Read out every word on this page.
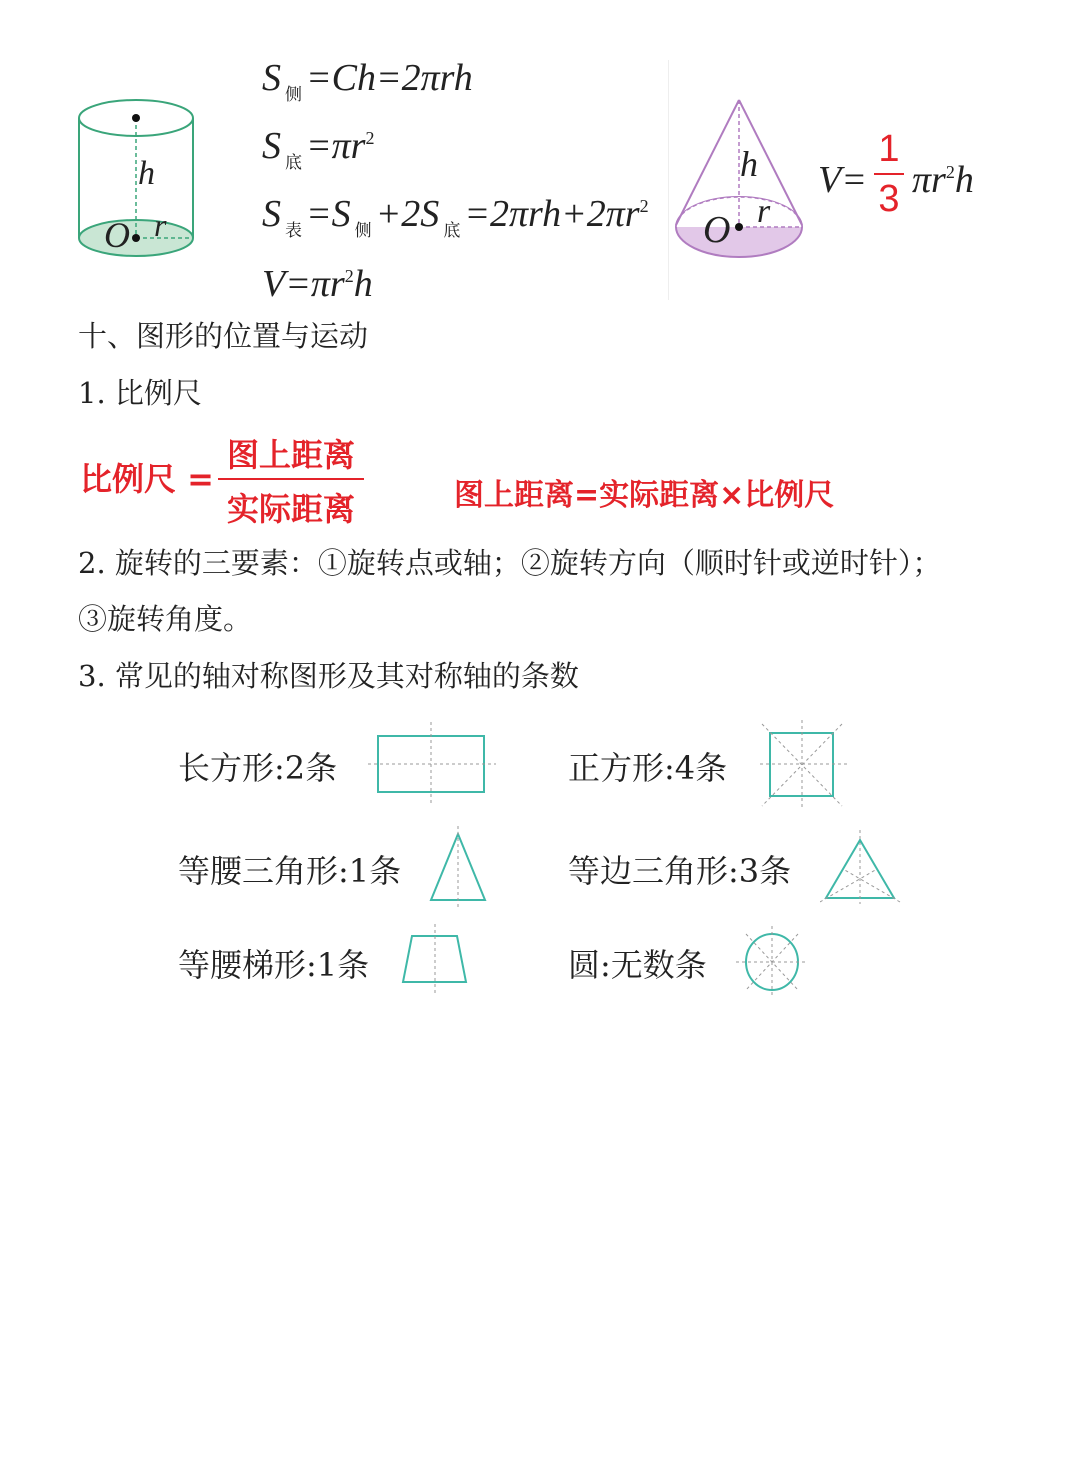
h
O r
S $_侧$ =Ch=2πrh
S $_底 =\pi r^2$
S $_表$ =S $_侧$ +2S $_底 =2\pi rh+2\pi r^2$
$V=\pi r^2h$
h
O r
V=
1
3 $\pi r^2h$
十、图形的位置与运动
1. 比例尺
比例尺 =
图上距离
实际距离	图上距离=实际距离×比例尺
2. 旋转的三要素：①旋转点或轴；②旋转方向（顺时针或逆时针）；
③旋转角度。
3. 常见的轴对称图形及其对称轴的条数
长方形:2条	正方形:4条
等腰三角形:1条	等边三角形:3条
等腰梯形:1条	圆:无数条
